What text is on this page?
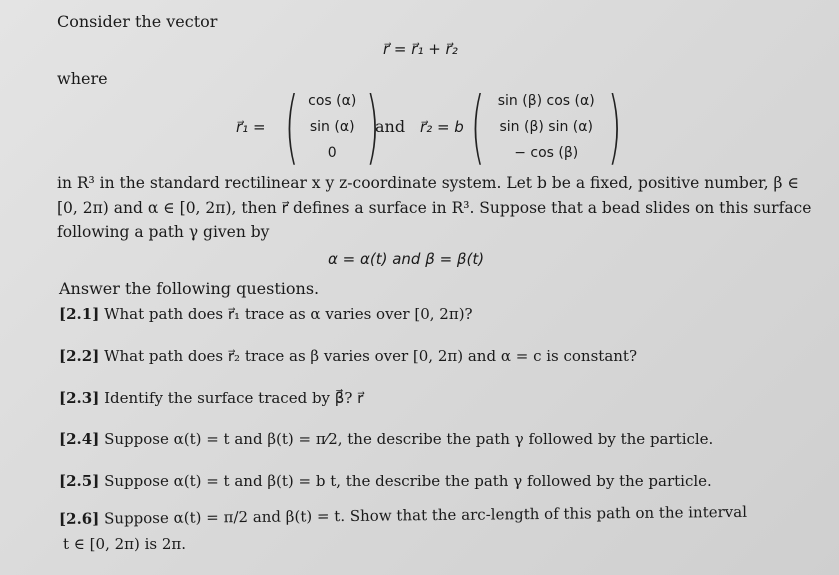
Consider the vector
r⃗ = r⃗₁ + r⃗₂
where
r⃗₁ = ( cos (α)
sin (α)
0 )
and r⃗₂ = b ( sin (β) cos (α)
sin (β) sin (α)
− cos (β) )
in R³ in the standard rectilinear x y z-coordinate system. Let b be a fixed, positive number, β ∈
[0, 2π) and α ∈ [0, 2π), then r⃗ defines a surface in R³. Suppose that a bead slides on this surface
following a path γ given by
α = α(t) and β = β(t)
Answer the following questions.
[2.1] What path does r⃗₁ trace as α varies over [0, 2π)?
[2.2] What path does r⃗₂ trace as β varies over [0, 2π) and α = c is constant?
[2.3] Identify the surface traced by β⃗? r⃗
[2.4] Suppose α(t) = t and β(t) = π⁄2, the describe the path γ followed by the particle.
[2.5] Suppose α(t) = t and β(t) = b t, the describe the path γ followed by the particle.
[2.6] Suppose α(t) = π/2 and β(t) = t. Show that the arc-length of this path on the interval
t ∈ [0, 2π) is 2π.
